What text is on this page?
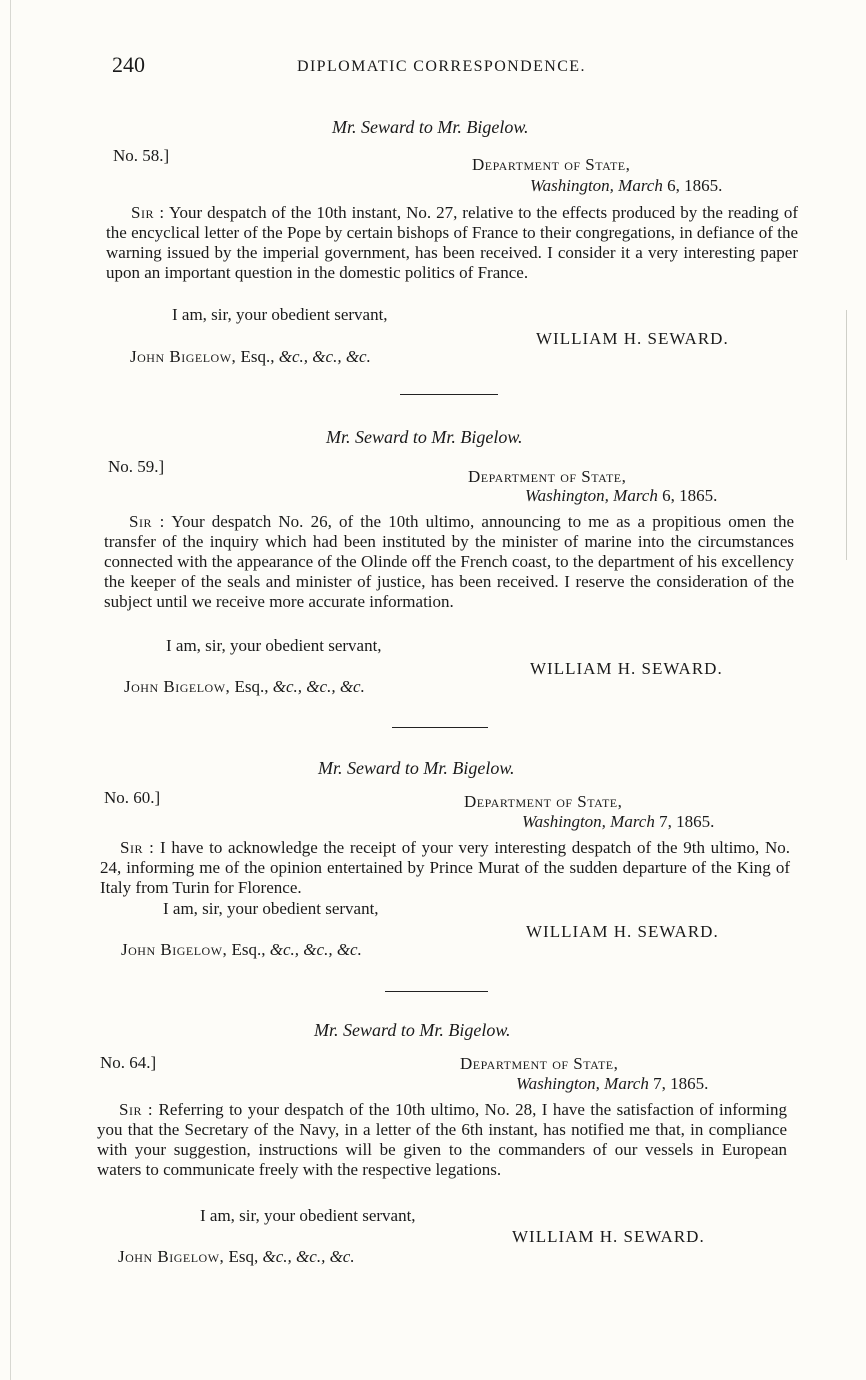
240	DIPLOMATIC CORRESPONDENCE.
Mr. Seward to Mr. Bigelow.
No. 58.]	Department of State,
Washington, March 6, 1865.
Sir : Your despatch of the 10th instant, No. 27, relative to the effects produced by the reading of the encyclical letter of the Pope by certain bishops of France to their congregations, in defiance of the warning issued by the imperial government, has been received. I consider it a very interesting paper upon an important question in the domestic politics of France.
I am, sir, your obedient servant,
WILLIAM H. SEWARD.
John Bigelow, Esq., &c., &c., &c.
Mr. Seward to Mr. Bigelow.
No. 59.]
Department of State,
Washington, March 6, 1865.
Sir : Your despatch No. 26, of the 10th ultimo, announcing to me as a propitious omen the transfer of the inquiry which had been instituted by the minister of marine into the circumstances connected with the appearance of the Olinde off the French coast, to the department of his excellency the keeper of the seals and minister of justice, has been received. I reserve the consideration of the subject until we receive more accurate information.
I am, sir, your obedient servant,
WILLIAM H. SEWARD.
John Bigelow, Esq., &c., &c., &c.
Mr. Seward to Mr. Bigelow.
No. 60.]	Department of State,
Washington, March 7, 1865.
Sir : I have to acknowledge the receipt of your very interesting despatch of the 9th ultimo, No. 24, informing me of the opinion entertained by Prince Murat of the sudden departure of the King of Italy from Turin for Florence.
I am, sir, your obedient servant,
WILLIAM H. SEWARD.
John Bigelow, Esq., &c., &c., &c.
Mr. Seward to Mr. Bigelow.
No. 64.]	Department of State,
Washington, March 7, 1865.
Sir : Referring to your despatch of the 10th ultimo, No. 28, I have the satisfaction of informing you that the Secretary of the Navy, in a letter of the 6th instant, has notified me that, in compliance with your suggestion, instructions will be given to the commanders of our vessels in European waters to communicate freely with the respective legations.
I am, sir, your obedient servant,
WILLIAM H. SEWARD.
John Bigelow, Esq, &c., &c., &c.
